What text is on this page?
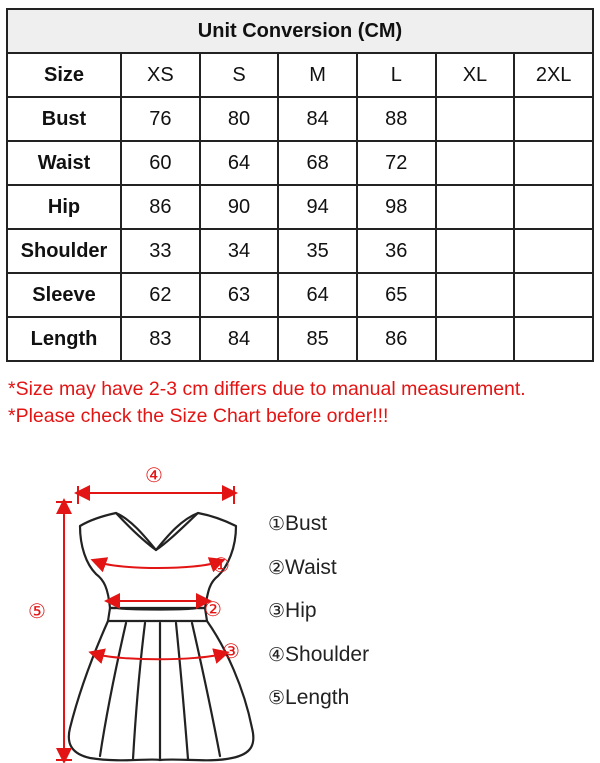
Unit Conversion (CM)						
Size	XS	S	M	L	XL	2XL
Bust	76	80	84	88		
Waist	60	64	68	72		
Hip	86	90	94	98		
Shoulder	33	34	35	36		
Sleeve	62	63	64	65		
Length	83	84	85	86		
*Size may have 2-3 cm differs due to manual measurement.
*Please check the Size Chart before order!!!
④
①
②
③
⑤
①Bust
②Waist
③Hip
④Shoulder
⑤Length
